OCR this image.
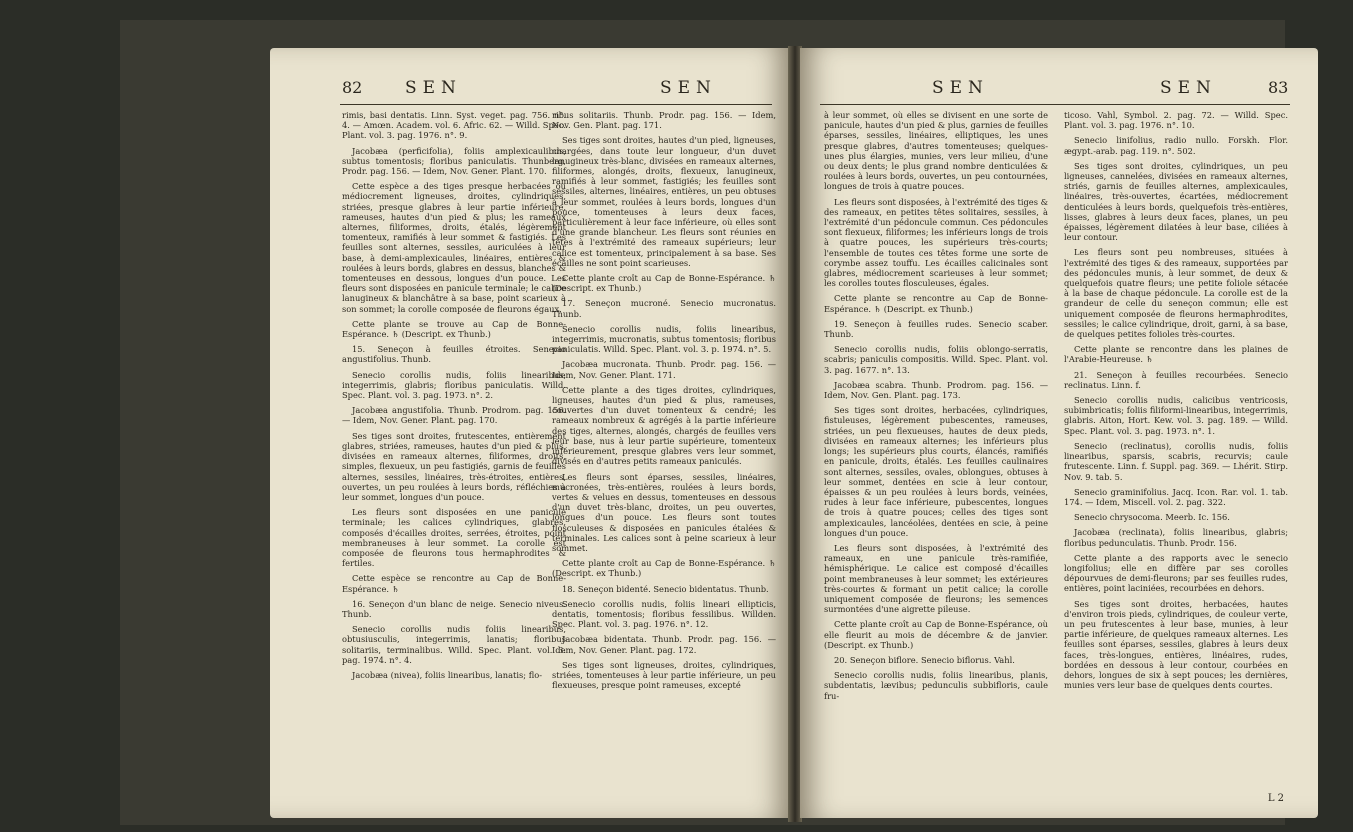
82	SEN	SEN

rimis, basi dentatis. Linn. Syst. veget. pag. 756. n°. 4. — Amœn. Academ. vol. 6. Afric. 62. — Willd. Spec. Plant. vol. 3. pag. 1976. n°. 9.

Jacobæa (perficifolia), foliis amplexicaulibus, subtus tomentosis; floribus paniculatis. Thunberg, Prodr. pag. 156. — Idem, Nov. Gener. Plant. 170.

Cette espèce a des tiges presque herbacées ou médiocrement ligneuses, droites, cylindriques, striées, presque glabres à leur partie inférieure, rameuses, hautes d'un pied & plus; les rameaux alternes, filiformes, droits, étalés, légèrement tomenteux, ramifiés à leur sommet & fastigiés. Les feuilles sont alternes, sessiles, auriculées à leur base, à demi-amplexicaules, linéaires, entières & roulées à leurs bords, glabres en dessus, blanches & tomenteuses en dessous, longues d'un pouce. Les fleurs sont disposées en panicule terminale; le calice lanugineux & blanchâtre à sa base, point scarieux à son sommet; la corolle composée de fleurons égaux.

Cette plante se trouve au Cap de Bonne-Espérance. ♄ (Descript. ex Thunb.)

15. Seneçon à feuilles étroites. Senecio angustifolius. Thunb.

Senecio corollis nudis, foliis linearibus, integerrimis, glabris; floribus paniculatis. Willd. Spec. Plant. vol. 3. pag. 1973. n°. 2.

Jacobæa angustifolia. Thunb. Prodrom. pag. 156. — Idem, Nov. Gener. Plant. pag. 170.

Ses tiges sont droites, frutescentes, entièrement glabres, striées, rameuses, hautes d'un pied & plus, divisées en rameaux alternes, filiformes, droits, simples, flexueux, un peu fastigiés, garnis de feuilles alternes, sessiles, linéaires, très-étroites, entières, ouvertes, un peu roulées à leurs bords, réfléchies à leur sommet, longues d'un pouce.

Les fleurs sont disposées en une panicule terminale; les calices cylindriques, glabres, composés d'écailles droites, serrées, étroites, point membraneuses à leur sommet. La corolle est composée de fleurons tous hermaphrodites & fertiles.

Cette espèce se rencontre au Cap de Bonne-Espérance. ♄

16. Seneçon d'un blanc de neige. Senecio niveus. Thunb.

Senecio corollis nudis foliis linearibus, obtusiusculis, integerrimis, lanatis; floribus solitariis, terminalibus. Willd. Spec. Plant. vol. 3. pag. 1974. n°. 4.

Jacobæa (nivea), foliis linearibus, lanatis; flo-

ribus solitariis. Thunb. Prodr. pag. 156. — Idem, Nov. Gen. Plant. pag. 171.

Ses tiges sont droites, hautes d'un pied, ligneuses, chargées, dans toute leur longueur, d'un duvet lanugineux très-blanc, divisées en rameaux alternes, filiformes, alongés, droits, flexueux, lanugineux, ramifiés à leur sommet, fastigiés; les feuilles sont sessiles, alternes, linéaires, entières, un peu obtuses à leur sommet, roulées à leurs bords, longues d'un pouce, tomenteuses à leurs deux faces, particulièrement à leur face inférieure, où elles sont d'une grande blancheur. Les fleurs sont réunies en têtes à l'extrémité des rameaux supérieurs; leur calice est tomenteux, principalement à sa base. Ses écailles ne sont point scarieuses.

Cette plante croît au Cap de Bonne-Espérance. ♄ (Descript. ex Thunb.)

17. Seneçon mucroné. Senecio mucronatus. Thunb.

Senecio corollis nudis, foliis linearibus, integerrimis, mucronatis, subtus tomentosis; floribus paniculatis. Willd. Spec. Plant. vol. 3. p. 1974. n°. 5.

Jacobæa mucronata. Thunb. Prodr. pag. 156. — Idem, Nov. Gener. Plant. 171.

Cette plante a des tiges droites, cylindriques, ligneuses, hautes d'un pied & plus, rameuses, couvertes d'un duvet tomenteux & cendré; les rameaux nombreux & agrégés à la partie inférieure des tiges, alternes, alongés, chargés de feuilles vers leur base, nus à leur partie supérieure, tomenteux inférieurement, presque glabres vers leur sommet, divisés en d'autres petits rameaux paniculés.

Les fleurs sont éparses, sessiles, linéaires, mucronées, très-entières, roulées à leurs bords, vertes & velues en dessus, tomenteuses en dessous d'un duvet très-blanc, droites, un peu ouvertes, longues d'un pouce. Les fleurs sont toutes flosculeuses & disposées en panicules étalées & terminales. Les calices sont à peine scarieux à leur sommet.

Cette plante croît au Cap de Bonne-Espérance. ♄ (Descript. ex Thunb.)

18. Seneçon bidenté. Senecio bidentatus. Thunb.

Senecio corollis nudis, foliis lineari ellipticis, dentatis, tomentosis; floribus fessilibus. Willden. Spec. Plant. vol. 3. pag. 1976. n°. 12.

Jacobæa bidentata. Thunb. Prodr. pag. 156. — Idem, Nov. Gener. Plant. pag. 172.

Ses tiges sont ligneuses, droites, cylindriques, striées, tomenteuses à leur partie inférieure, un peu flexueuses, presque point rameuses, excepté

SEN	SEN	83

à leur sommet, où elles se divisent en une sorte de panicule, hautes d'un pied & plus, garnies de feuilles éparses, sessiles, linéaires, elliptiques, les unes presque glabres, d'autres tomenteuses; quelques-unes plus élargies, munies, vers leur milieu, d'une ou deux dents; le plus grand nombre denticulées & roulées à leurs bords, ouvertes, un peu contournées, longues de trois à quatre pouces.

Les fleurs sont disposées, à l'extrémité des tiges & des rameaux, en petites têtes solitaires, sessiles, à l'extrémité d'un pédoncule commun. Ces pédoncules sont flexueux, filiformes; les inférieurs longs de trois à quatre pouces, les supérieurs très-courts; l'ensemble de toutes ces têtes forme une sorte de corymbe assez touffu. Les écailles calicinales sont glabres, médiocrement scarieuses à leur sommet; les corolles toutes flosculeuses, égales.

Cette plante se rencontre au Cap de Bonne-Espérance. ♄ (Descript. ex Thunb.)

19. Seneçon à feuilles rudes. Senecio scaber. Thunb.

Senecio corollis nudis, foliis oblongo-serratis, scabris; paniculis compositis. Willd. Spec. Plant. vol. 3. pag. 1677. n°. 13.

Jacobæa scabra. Thunb. Prodrom. pag. 156. — Idem, Nov. Gen. Plant. pag. 173.

Ses tiges sont droites, herbacées, cylindriques, fistuleuses, légèrement pubescentes, rameuses, striées, un peu flexueuses, hautes de deux pieds, divisées en rameaux alternes; les inférieurs plus longs; les supérieurs plus courts, élancés, ramifiés en panicule, droits, étalés. Les feuilles caulinaires sont alternes, sessiles, ovales, oblongues, obtuses à leur sommet, dentées en scie à leur contour, épaisses & un peu roulées à leurs bords, veinées, rudes à leur face inférieure, pubescentes, longues de trois à quatre pouces; celles des tiges sont amplexicaules, lancéolées, dentées en scie, à peine longues d'un pouce.

Les fleurs sont disposées, à l'extrémité des rameaux, en une panicule très-ramifiée, hémisphérique. Le calice est composé d'écailles point membraneuses à leur sommet; les extérieures très-courtes & formant un petit calice; la corolle uniquement composée de fleurons; les semences surmontées d'une aigrette pileuse.

Cette plante croît au Cap de Bonne-Espérance, où elle fleurit au mois de décembre & de janvier. (Descript. ex Thunb.)

20. Seneçon biflore. Senecio biflorus. Vahl.

Senecio corollis nudis, foliis linearibus, planis, subdentatis, lævibus; pedunculis subbifloris, caule fru-

ticoso. Vahl, Symbol. 2. pag. 72. — Willd. Spec. Plant. vol. 3. pag. 1976. n°. 10.

Senecio linifolius, radio nullo. Forskh. Flor. ægypt.-arab. pag. 119. n°. 502.

Ses tiges sont droites, cylindriques, un peu ligneuses, cannelées, divisées en rameaux alternes, striés, garnis de feuilles alternes, amplexicaules, linéaires, très-ouvertes, écartées, médiocrement denticulées à leurs bords, quelquefois très-entières, lisses, glabres à leurs deux faces, planes, un peu épaisses, légèrement dilatées à leur base, ciliées à leur contour.

Les fleurs sont peu nombreuses, situées à l'extrémité des tiges & des rameaux, supportées par des pédoncules munis, à leur sommet, de deux & quelquefois quatre fleurs; une petite foliole sétacée à la base de chaque pédoncule. La corolle est de la grandeur de celle du seneçon commun; elle est uniquement composée de fleurons hermaphrodites, sessiles; le calice cylindrique, droit, garni, à sa base, de quelques petites folioles très-courtes.

Cette plante se rencontre dans les plaines de l'Arabie-Heureuse. ♄

21. Seneçon à feuilles recourbées. Senecio reclinatus. Linn. f.

Senecio corollis nudis, calicibus ventricosis, subimbricatis; foliis filiformi-linearibus, integerrimis, glabris. Aiton, Hort. Kew. vol. 3. pag. 189. — Willd. Spec. Plant. vol. 3. pag. 1973. n°. 1.

Senecio (reclinatus), corollis nudis, foliis linearibus, sparsis, scabris, recurvis; caule frutescente. Linn. f. Suppl. pag. 369. — Lhérit. Stirp. Nov. 9. tab. 5.

Senecio graminifolius. Jacq. Icon. Rar. vol. 1. tab. 174. — Idem, Miscell. vol. 2. pag. 322.

Senecio chrysocoma. Meerb. Ic. 156.

Jacobæa (reclinata), foliis linearibus, glabris; floribus pedunculatis. Thunb. Prodr. 156.

Cette plante a des rapports avec le senecio longifolius; elle en diffère par ses corolles dépourvues de demi-fleurons; par ses feuilles rudes, entières, point laciniées, recourbées en dehors.

Ses tiges sont droites, herbacées, hautes d'environ trois pieds, cylindriques, de couleur verte, un peu frutescentes à leur base, munies, à leur partie inférieure, de quelques rameaux alternes. Les feuilles sont éparses, sessiles, glabres à leurs deux faces, très-longues, entières, linéaires, rudes, bordées en dessous à leur contour, courbées en dehors, longues de six à sept pouces; les dernières, munies vers leur base de quelques dents courtes.

L 2
